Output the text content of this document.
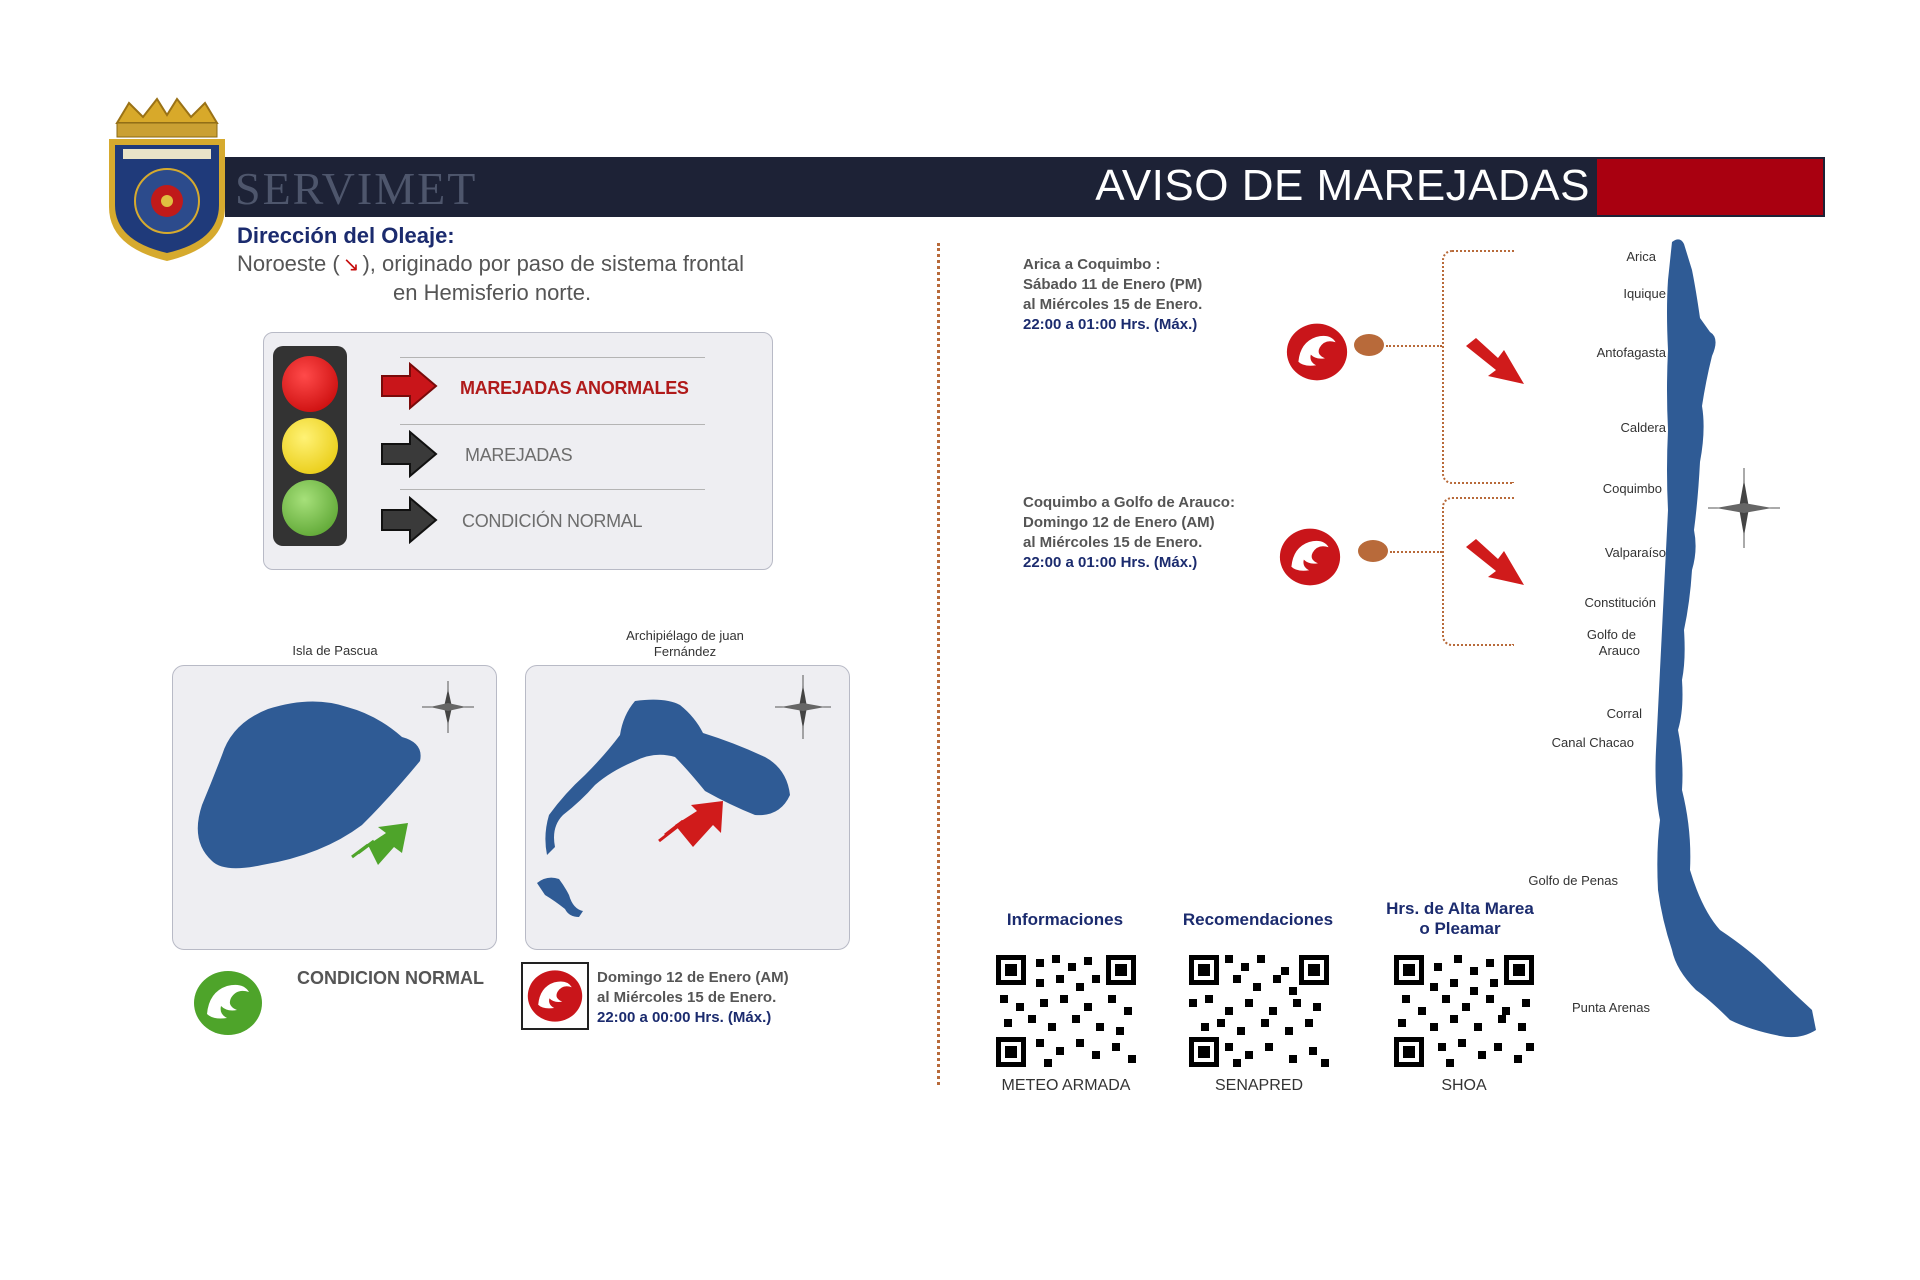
SERVIMET	AVISO DE MAREJADAS ANORMALES
Dirección del Oleaje:
Noroeste ( ↘ ), originado por paso de sistema frontal
en Hemisferio norte.
MAREJADAS ANORMALES
MAREJADAS
CONDICIÓN NORMAL
Isla de Pascua
Archipiélago de juan
Fernández
CONDICION NORMAL	Domingo 12 de Enero (AM)
al Miércoles 15 de Enero.
22:00 a 00:00 Hrs. (Máx.)
Arica a Coquimbo :
Sábado 11 de Enero (PM)
al Miércoles 15 de Enero.
22:00 a 01:00 Hrs. (Máx.)
Coquimbo a Golfo de Arauco:
Domingo 12 de Enero (AM)
al Miércoles 15 de Enero.
22:00 a 01:00 Hrs. (Máx.)
Arica
Iquique
Antofagasta
Caldera
Coquimbo
Valparaíso
Constitución
Golfo de
Arauco
Corral
Canal Chacao
Golfo de Penas
Punta Arenas
Informaciones	Recomendaciones
Hrs. de Alta Marea
o Pleamar
METEO ARMADA	SENAPRED	SHOA
